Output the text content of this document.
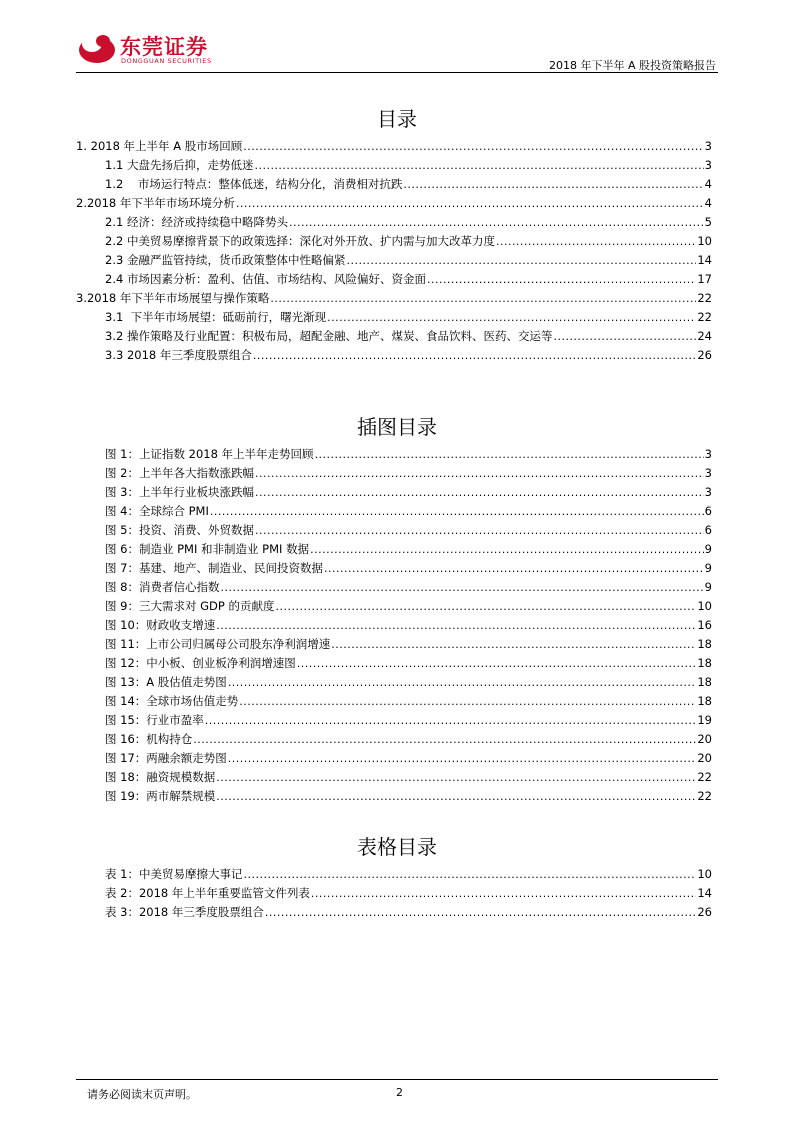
东莞证券
DONGGUAN SECURITIES	2018 年下半年 A 股投资策略报告
目录
1. 2018 年上半年 A 股市场回顾 .....	3
1.1 大盘先扬后抑，走势低迷 .....	3
1.2    市场运行特点：整体低迷，结构分化，消费相对抗跌 .....	4
2.2018 年下半年市场环境分析 .....	4
2.1 经济：经济或持续稳中略降势头 .....	5
2.2 中美贸易摩擦背景下的政策选择：深化对外开放、扩内需与加大改革力度 .....	10
2.3 金融严监管持续，货币政策整体中性略偏紧 .....	14
2.4 市场因素分析：盈利、估值、市场结构、风险偏好、资金面 .....	17
3.2018 年下半年市场展望与操作策略 .....	22
3.1  下半年市场展望：砥砺前行，曙光渐现 .....	22
3.2 操作策略及行业配置：积极布局，超配金融、地产、煤炭、食品饮料、医药、交运等 .....	24
3.3 2018 年三季度股票组合 .....	26
插图目录
图 1：上证指数 2018 年上半年走势回顾 .....	3
图 2：上半年各大指数涨跌幅 .....	3
图 3：上半年行业板块涨跌幅 .....	3
图 4：全球综合 PMI .....	6
图 5：投资、消费、外贸数据 .....	6
图 6：制造业 PMI 和非制造业 PMI 数据 .....	9
图 7：基建、地产、制造业、民间投资数据 .....	9
图 8：消费者信心指数 .....	9
图 9：三大需求对 GDP 的贡献度 .....	10
图 10：财政收支增速 .....	16
图 11：上市公司归属母公司股东净利润增速 .....	18
图 12：中小板、创业板净利润增速图 .....	18
图 13：A 股估值走势图 .....	18
图 14：全球市场估值走势 .....	18
图 15：行业市盈率 .....	19
图 16：机构持仓 .....	20
图 17：两融余额走势图 .....	20
图 18：融资规模数据 .....	22
图 19：两市解禁规模 .....	22
表格目录
表 1：中美贸易摩擦大事记 .....	10
表 2：2018 年上半年重要监管文件列表 .....	14
表 3：2018 年三季度股票组合 .....	26
请务必阅读末页声明。	2
